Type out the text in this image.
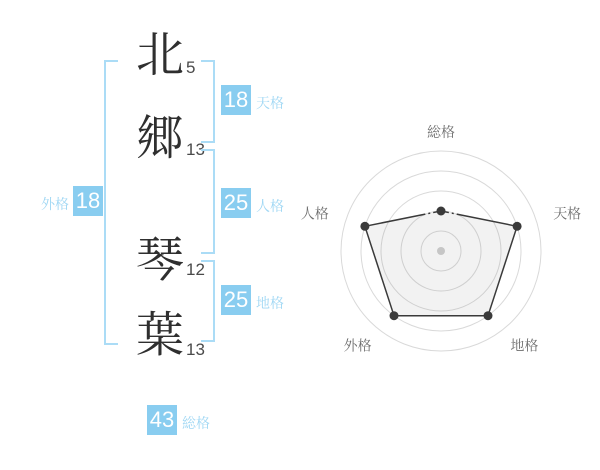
北
郷
琴
葉
5
13
12
13
18 天格
25 人格
25 地格
外格 18
43 総格
総格
天格
地格
外格
人格
